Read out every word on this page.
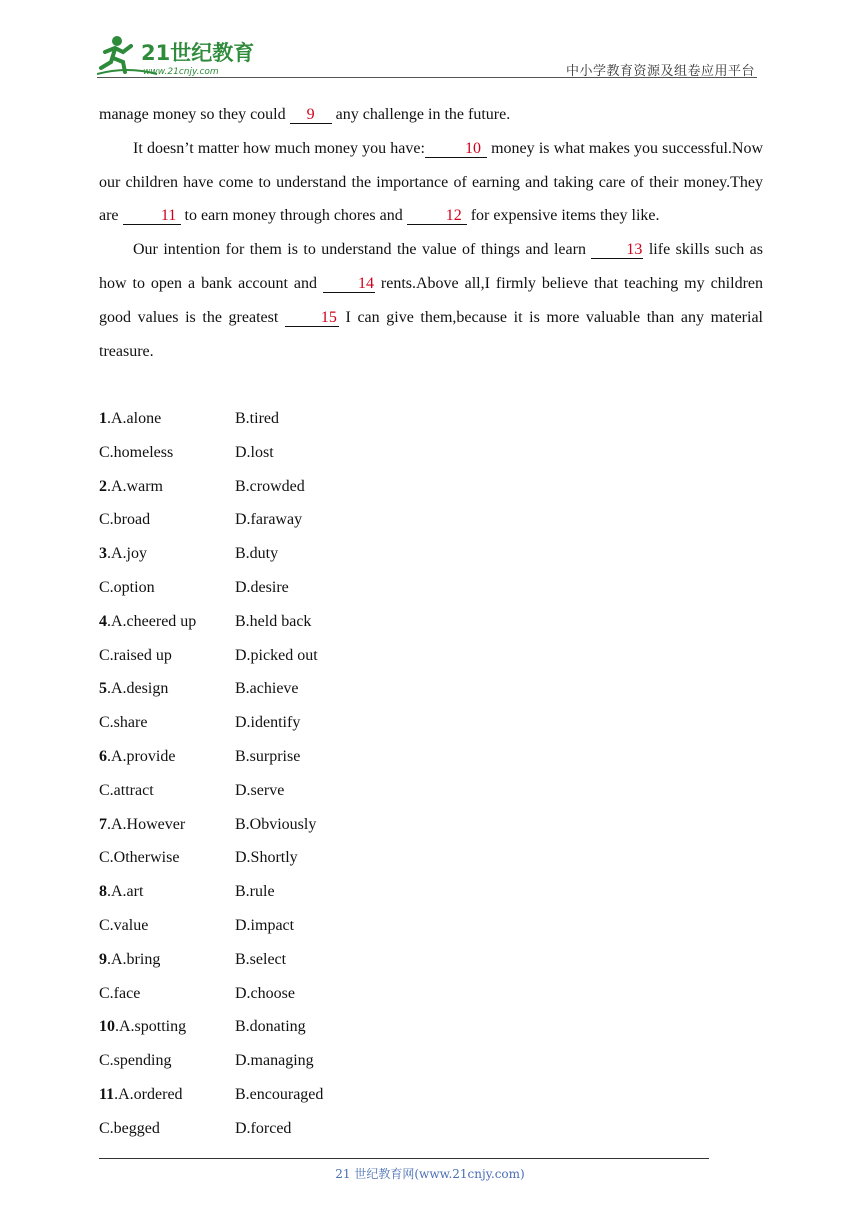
21世纪教育
www.21cnjy.com	中小学教育资源及组卷应用平台

manage money so they could 9 any challenge in the future.

It doesn’t matter how much money you have:	10 money is what makes you successful.Now our children have come to understand the importance of earning and taking care of their money.They are 11 to earn money through chores and 12 for expensive items they like.

Our intention for them is to understand the value of things and learn 13 life skills such as how to open a bank account and 14 rents.Above all,I firmly believe that teaching my children good values is the greatest 15 I can give them,because it is more valuable than any material treasure.

1.A.alone	B.tired
C.homeless	D.lost
2.A.warm	B.crowded
C.broad	D.faraway
3.A.joy	B.duty
C.option	D.desire
4.A.cheered up B.held back
C.raised up	D.picked out
5.A.design	B.achieve
C.share	D.identify
6.A.provide	B.surprise
C.attract	D.serve
7.A.However	B.Obviously
C.Otherwise	D.Shortly
8.A.art	B.rule
C.value	D.impact
9.A.bring	B.select
C.face	D.choose
10.A.spotting	B.donating
C.spending	D.managing
11.A.ordered	B.encouraged
C.begged	D.forced
21 世纪教育网(www.21cnjy.com)
